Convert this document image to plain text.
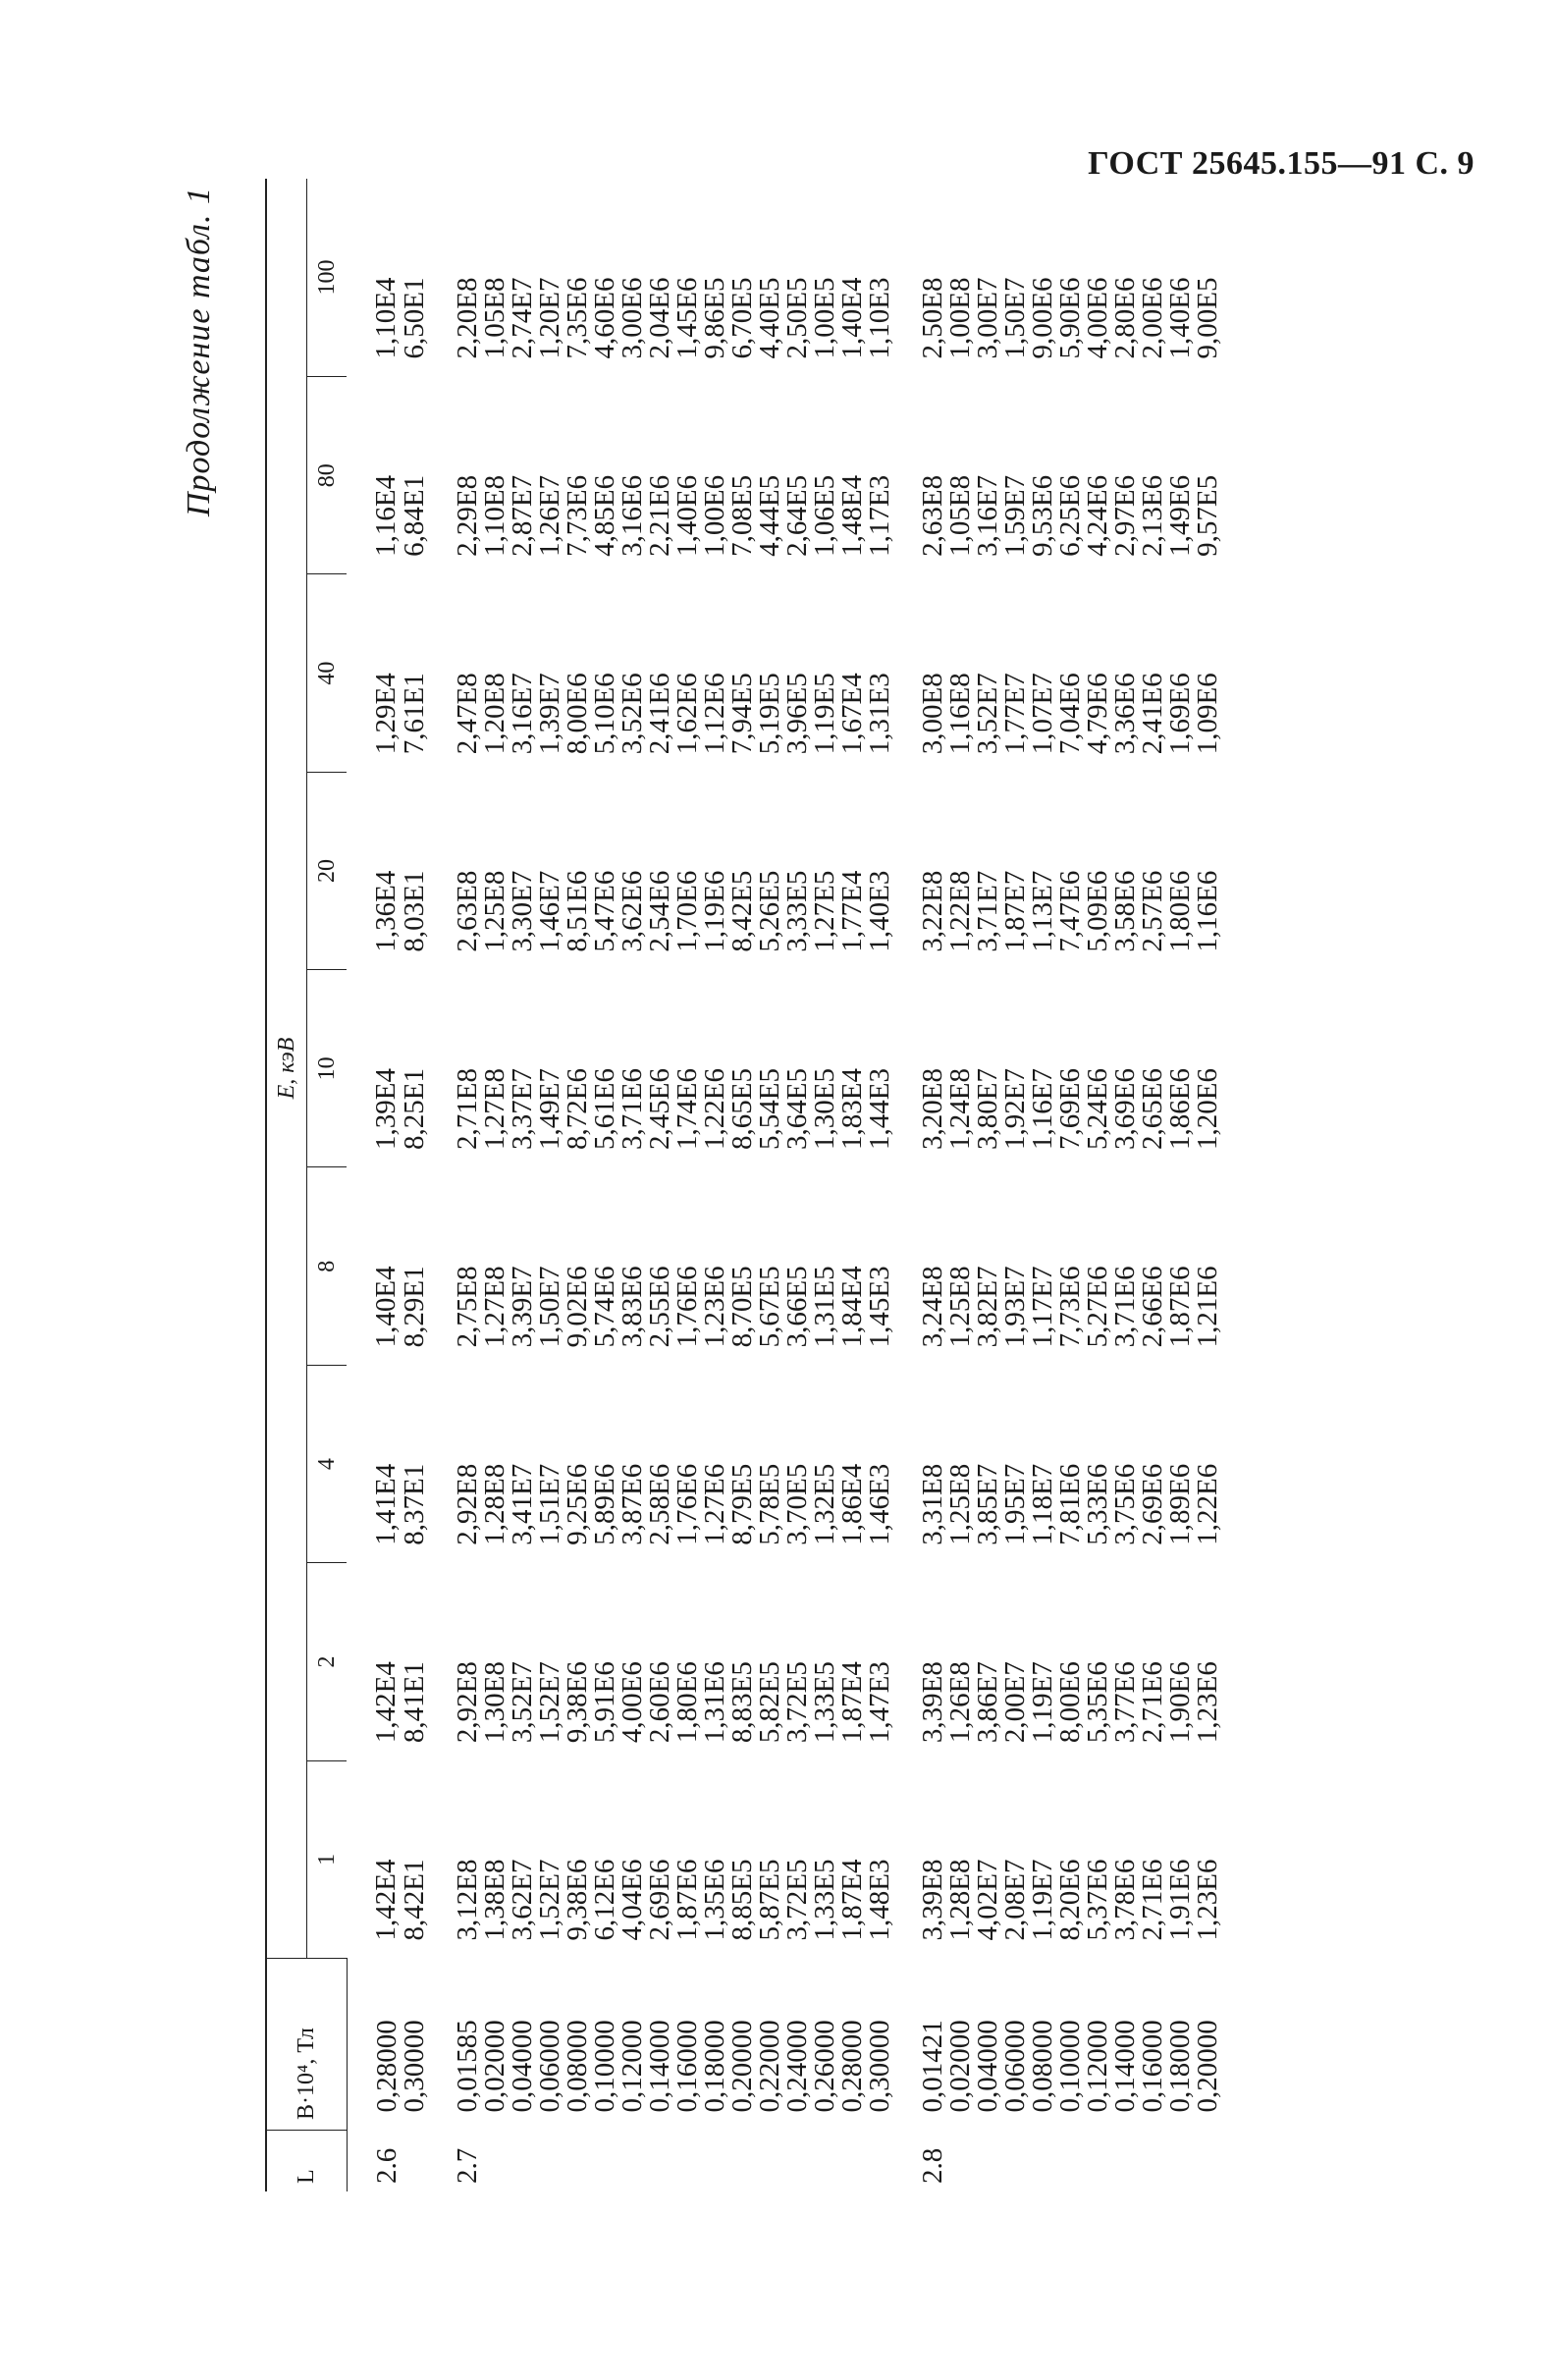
ГОСТ 25645.155—91 С. 9
Продолжение табл. 1
L	B·10⁴, Тл	E, кэВ								
		1	2	4	8	10	20	40	80	100
2.6	0,28000	1,42E4	1,42E4	1,41E4	1,40E4	1,39E4	1,36E4	1,29E4	1,16E4	1,10E4
	0,30000	8,42E1	8,41E1	8,37E1	8,29E1	8,25E1	8,03E1	7,61E1	6,84E1	6,50E1

2.7	0,01585	3,12E8	2,92E8	2,92E8	2,75E8	2,71E8	2,63E8	2,47E8	2,29E8	2,20E8
	0,02000	1,38E8	1,30E8	1,28E8	1,27E8	1,27E8	1,25E8	1,20E8	1,10E8	1,05E8
	0,04000	3,62E7	3,52E7	3,41E7	3,39E7	3,37E7	3,30E7	3,16E7	2,87E7	2,74E7
	0,06000	1,52E7	1,52E7	1,51E7	1,50E7	1,49E7	1,46E7	1,39E7	1,26E7	1,20E7
	0,08000	9,38E6	9,38E6	9,25E6	9,02E6	8,72E6	8,51E6	8,00E6	7,73E6	7,35E6
	0,10000	6,12E6	5,91E6	5,89E6	5,74E6	5,61E6	5,47E6	5,10E6	4,85E6	4,60E6
	0,12000	4,04E6	4,00E6	3,87E6	3,83E6	3,71E6	3,62E6	3,52E6	3,16E6	3,00E6
	0,14000	2,69E6	2,60E6	2,58E6	2,55E6	2,45E6	2,54E6	2,41E6	2,21E6	2,04E6
	0,16000	1,87E6	1,80E6	1,76E6	1,76E6	1,74E6	1,70E6	1,62E6	1,40E6	1,45E6
	0,18000	1,35E6	1,31E6	1,27E6	1,23E6	1,22E6	1,19E6	1,12E6	1,00E6	9,86E5
	0,20000	8,85E5	8,83E5	8,79E5	8,70E5	8,65E5	8,42E5	7,94E5	7,08E5	6,70E5
	0,22000	5,87E5	5,82E5	5,78E5	5,67E5	5,54E5	5,26E5	5,19E5	4,44E5	4,40E5
	0,24000	3,72E5	3,72E5	3,70E5	3,66E5	3,64E5	3,33E5	3,96E5	2,64E5	2,50E5
	0,26000	1,33E5	1,33E5	1,32E5	1,31E5	1,30E5	1,27E5	1,19E5	1,06E5	1,00E5
	0,28000	1,87E4	1,87E4	1,86E4	1,84E4	1,83E4	1,77E4	1,67E4	1,48E4	1,40E4
	0,30000	1,48E3	1,47E3	1,46E3	1,45E3	1,44E3	1,40E3	1,31E3	1,17E3	1,10E3

2.8	0,01421	3,39E8	3,39E8	3,31E8	3,24E8	3,20E8	3,22E8	3,00E8	2,63E8	2,50E8
	0,02000	1,28E8	1,26E8	1,25E8	1,25E8	1,24E8	1,22E8	1,16E8	1,05E8	1,00E8
	0,04000	4,02E7	3,86E7	3,85E7	3,82E7	3,80E7	3,71E7	3,52E7	3,16E7	3,00E7
	0,06000	2,08E7	2,00E7	1,95E7	1,93E7	1,92E7	1,87E7	1,77E7	1,59E7	1,50E7
	0,08000	1,19E7	1,19E7	1,18E7	1,17E7	1,16E7	1,13E7	1,07E7	9,53E6	9,00E6
	0,10000	8,20E6	8,00E6	7,81E6	7,73E6	7,69E6	7,47E6	7,04E6	6,25E6	5,90E6
	0,12000	5,37E6	5,35E6	5,33E6	5,27E6	5,24E6	5,09E6	4,79E6	4,24E6	4,00E6
	0,14000	3,78E6	3,77E6	3,75E6	3,71E6	3,69E6	3,58E6	3,36E6	2,97E6	2,80E6
	0,16000	2,71E6	2,71E6	2,69E6	2,66E6	2,65E6	2,57E6	2,41E6	2,13E6	2,00E6
	0,18000	1,91E6	1,90E6	1,89E6	1,87E6	1,86E6	1,80E6	1,69E6	1,49E6	1,40E6
	0,20000	1,23E6	1,23E6	1,22E6	1,21E6	1,20E6	1,16E6	1,09E6	9,57E5	9,00E5
